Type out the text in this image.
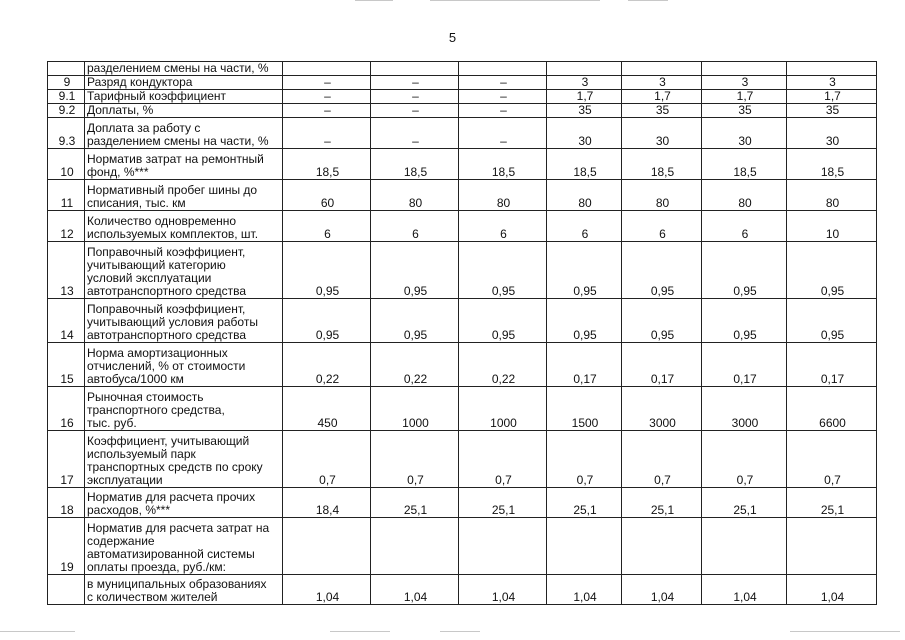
5

	разделением смены на части, %							

9	Разряд кондуктора	–	–	–	3	3	3	3
9.1	Тарифный коэффициент	–	–	–	1,7	1,7	1,7	1,7
9.2	Доплаты, %	–	–	–	35	35	35	35
9.3	Доплата за работу с
разделением смены на части, %	–	–	–	30	30	30	30
10	Норматив затрат на ремонтный
фонд, %***	18,5	18,5	18,5	18,5	18,5	18,5	18,5
11	Нормативный пробег шины до
списания, тыс. км	60	80	80	80	80	80	80
12	Количество одновременно
используемых комплектов, шт.	6	6	6	6	6	6	10
13	Поправочный коэффициент,
учитывающий категорию
условий эксплуатации
автотранспортного средства	0,95	0,95	0,95	0,95	0,95	0,95	0,95
14	Поправочный коэффициент,
учитывающий условия работы
автотранспортного средства	0,95	0,95	0,95	0,95	0,95	0,95	0,95
15	Норма амортизационных
отчислений, % от стоимости
автобуса/1000 км	0,22	0,22	0,22	0,17	0,17	0,17	0,17
16	Рыночная стоимость
транспортного средства,
тыс. руб.	450	1000	1000	1500	3000	3000	6600
17	Коэффициент, учитывающий
используемый парк
транспортных средств по сроку
эксплуатации	0,7	0,7	0,7	0,7	0,7	0,7	0,7
18	Норматив для расчета прочих
расходов, %***	18,4	25,1	25,1	25,1	25,1	25,1	25,1
19	Норматив для расчета затрат на
содержание
автоматизированной системы
оплаты проезда, руб./км:							

	в муниципальных образованиях
с количеством жителей	1,04	1,04	1,04	1,04	1,04	1,04	1,04
